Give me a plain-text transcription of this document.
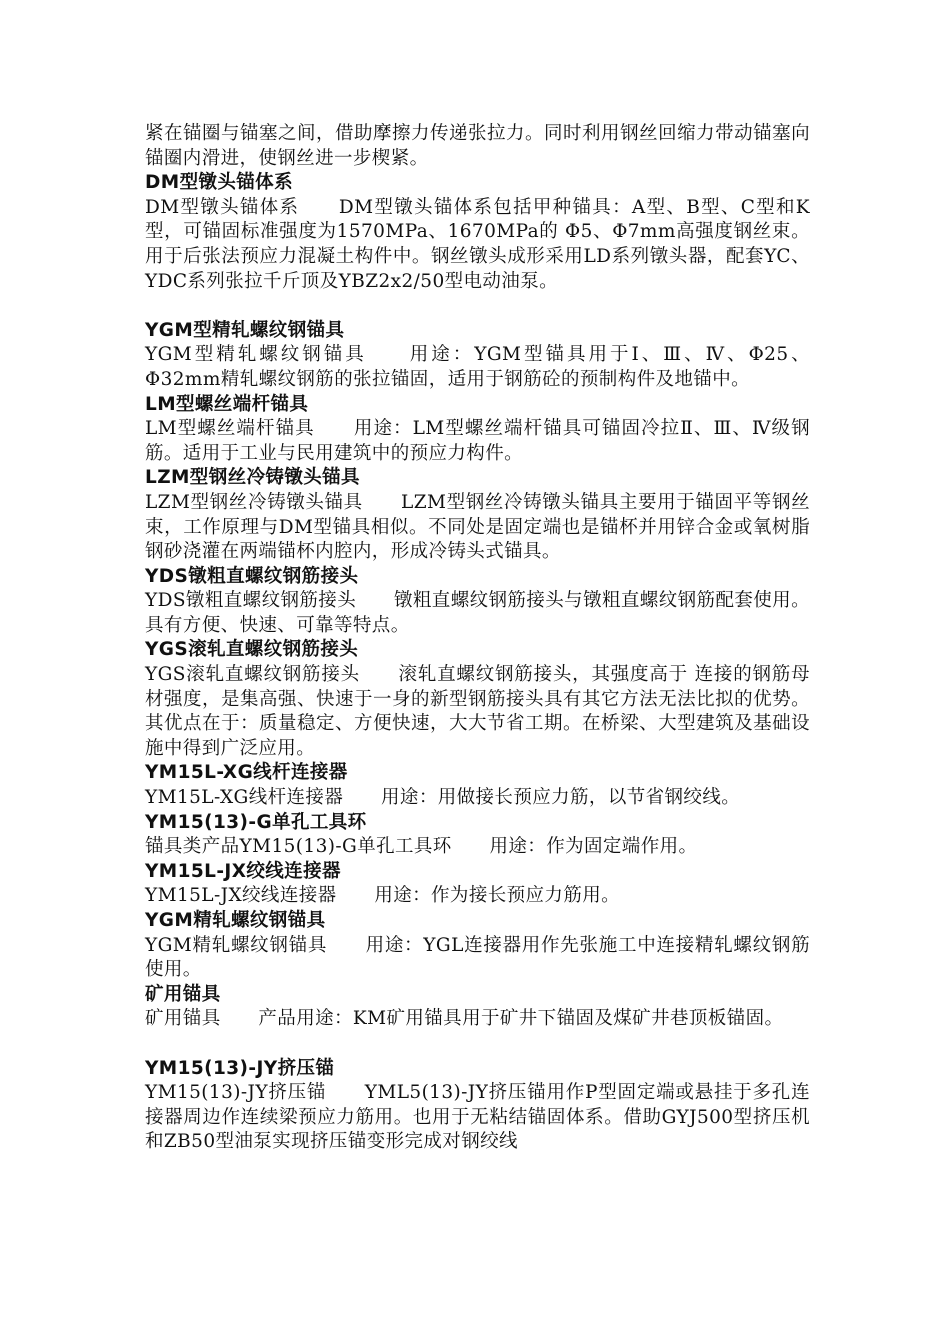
紧在锚圈与锚塞之间，借助摩擦力传递张拉力。同时利用钢丝回缩力带动锚塞向锚圈内滑进，使钢丝进一步楔紧。

DM型镦头锚体系

DM型镦头锚体系　　DM型镦头锚体系包括甲种锚具：A型、B型、C型和K型，可锚固标准强度为1570MPa、1670MPa的 Φ5、Φ7mm高强度钢丝束。用于后张法预应力混凝土构件中。钢丝镦头成形采用LD系列镦头器，配套YC、YDC系列张拉千斤顶及YBZ2x2/50型电动油泵。

YGM型精轧螺纹钢锚具

YGM型精轧螺纹钢锚具　　用途：YGM型锚具用于Ⅰ、Ⅲ、Ⅳ、Φ25、Φ32mm精轧螺纹钢筋的张拉锚固，适用于钢筋砼的预制构件及地锚中。

LM型螺丝端杆锚具

LM型螺丝端杆锚具　　用途：LM型螺丝端杆锚具可锚固冷拉Ⅱ、Ⅲ、Ⅳ级钢筋。适用于工业与民用建筑中的预应力构件。

LZM型钢丝冷铸镦头锚具

LZM型钢丝冷铸镦头锚具　　LZM型钢丝冷铸镦头锚具主要用于锚固平等钢丝束，工作原理与DM型锚具相似。不同处是固定端也是锚杯并用锌合金或氧树脂钢砂浇灌在两端锚杯内腔内，形成冷铸头式锚具。

YDS镦粗直螺纹钢筋接头

YDS镦粗直螺纹钢筋接头　　镦粗直螺纹钢筋接头与镦粗直螺纹钢筋配套使用。具有方便、快速、可靠等特点。

YGS滚轧直螺纹钢筋接头

YGS滚轧直螺纹钢筋接头　　滚轧直螺纹钢筋接头，其强度高于 连接的钢筋母材强度，是集高强、快速于一身的新型钢筋接头具有其它方法无法比拟的优势。其优点在于：质量稳定、方便快速，大大节省工期。在桥梁、大型建筑及基础设施中得到广泛应用。

YM15L-XG线杆连接器

YM15L-XG线杆连接器　　用途：用做接长预应力筋，以节省钢绞线。

YM15(13)-G单孔工具环

锚具类产品YM15(13)-G单孔工具环　　用途：作为固定端作用。

YM15L-JX绞线连接器

YM15L-JX绞线连接器　　用途：作为接长预应力筋用。

YGM精轧螺纹钢锚具

YGM精轧螺纹钢锚具　　用途：YGL连接器用作先张施工中连接精轧螺纹钢筋使用。

矿用锚具

矿用锚具　　产品用途：KM矿用锚具用于矿井下锚固及煤矿井巷顶板锚固。

YM15(13)-JY挤压锚

YM15(13)-JY挤压锚　　YML5(13)-JY挤压锚用作P型固定端或悬挂于多孔连接器周边作连续梁预应力筋用。也用于无粘结锚固体系。借助GYJ500型挤压机和ZB50型油泵实现挤压锚变形完成对钢绞线
